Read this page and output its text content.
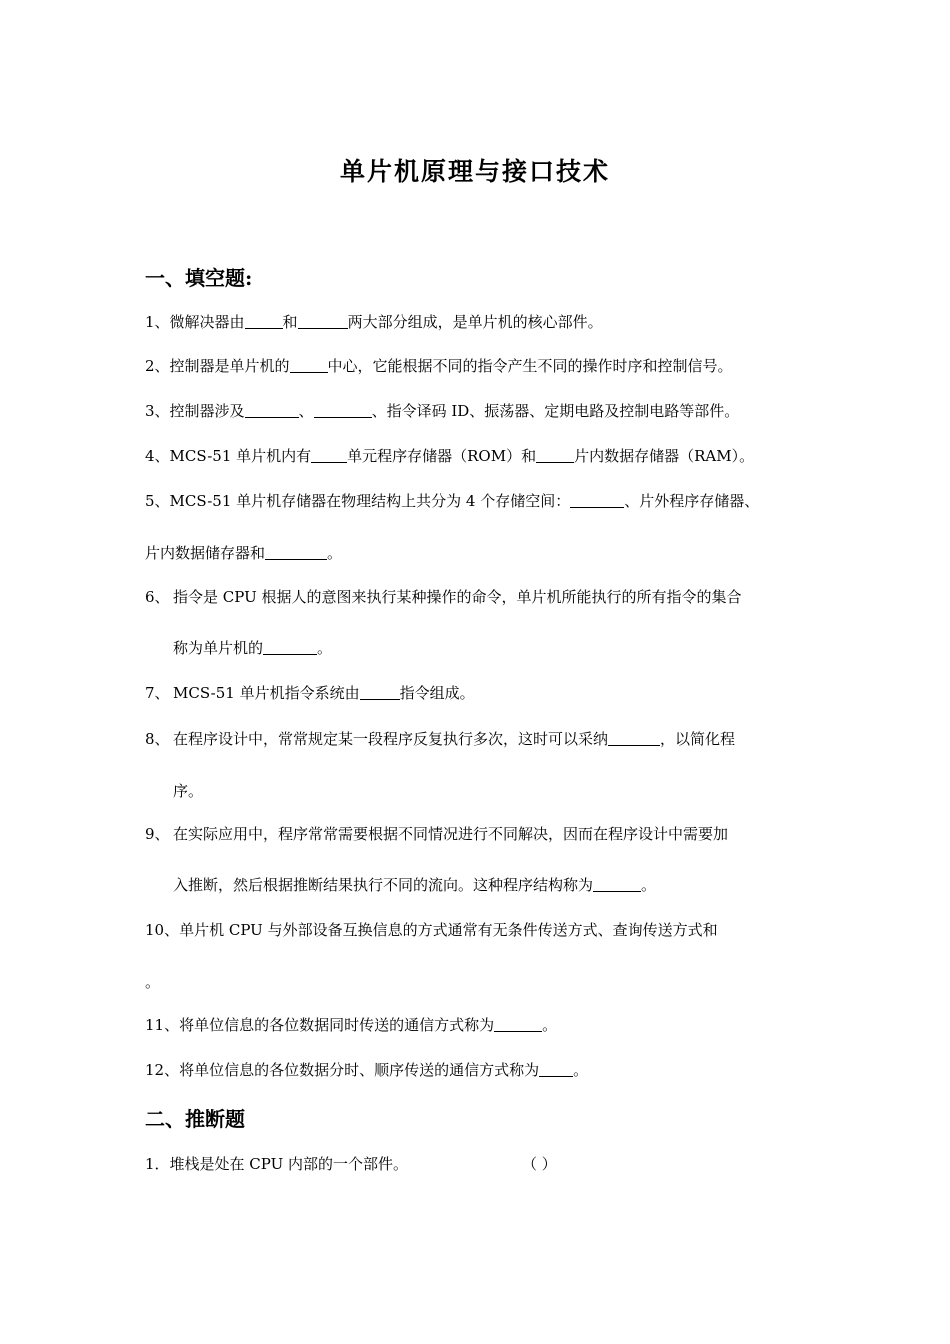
单片机原理与接口技术
一、填空题:
1、微解决器由	和	两大部分组成，是单片机的核心部件。
2、控制器是单片机的	中心，它能根据不同的指令产生不同的操作时序和控制信号。
3、控制器涉及	、	、指令译码 ID、振荡器、定期电路及控制电路等部件。
4、MCS-51 单片机内有 单元程序存储器（ROM）和	片内数据存储器（RAM）。
5、MCS-51 单片机存储器在物理结构上共分为 4 个存储空间：	、片外程序存储器、
片内数据储存器和	。
6、 指令是 CPU 根据人的意图来执行某种操作的命令，单片机所能执行的所有指令的集合
称为单片机的	。
7、 MCS-51 单片机指令系统由	指令组成。
8、 在程序设计中，常常规定某一段程序反复执行多次，这时可以采纳	，以简化程
序。
9、 在实际应用中，程序常常需要根据不同情况进行不同解决，因而在程序设计中需要加
入推断，然后根据推断结果执行不同的流向。这种程序结构称为	。
10、单片机 CPU 与外部设备互换信息的方式通常有无条件传送方式、查询传送方式和
。
11、将单位信息的各位数据同时传送的通信方式称为	。
12、将单位信息的各位数据分时、顺序传送的通信方式称为 。
二、推断题
1．堆栈是处在 CPU 内部的一个部件。	（ ）
